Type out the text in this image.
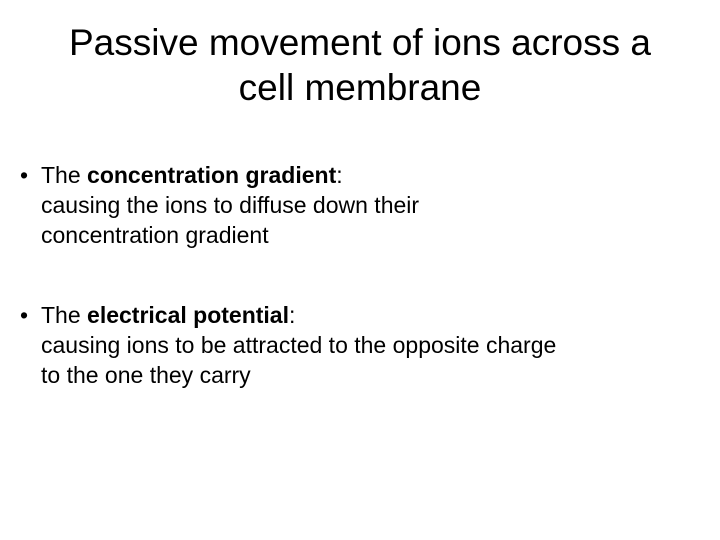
Passive movement of ions across a
cell membrane
• The concentration gradient:
causing the ions to diffuse down their
concentration gradient
• The electrical potential:
causing ions to be attracted to the opposite charge
to the one they carry
